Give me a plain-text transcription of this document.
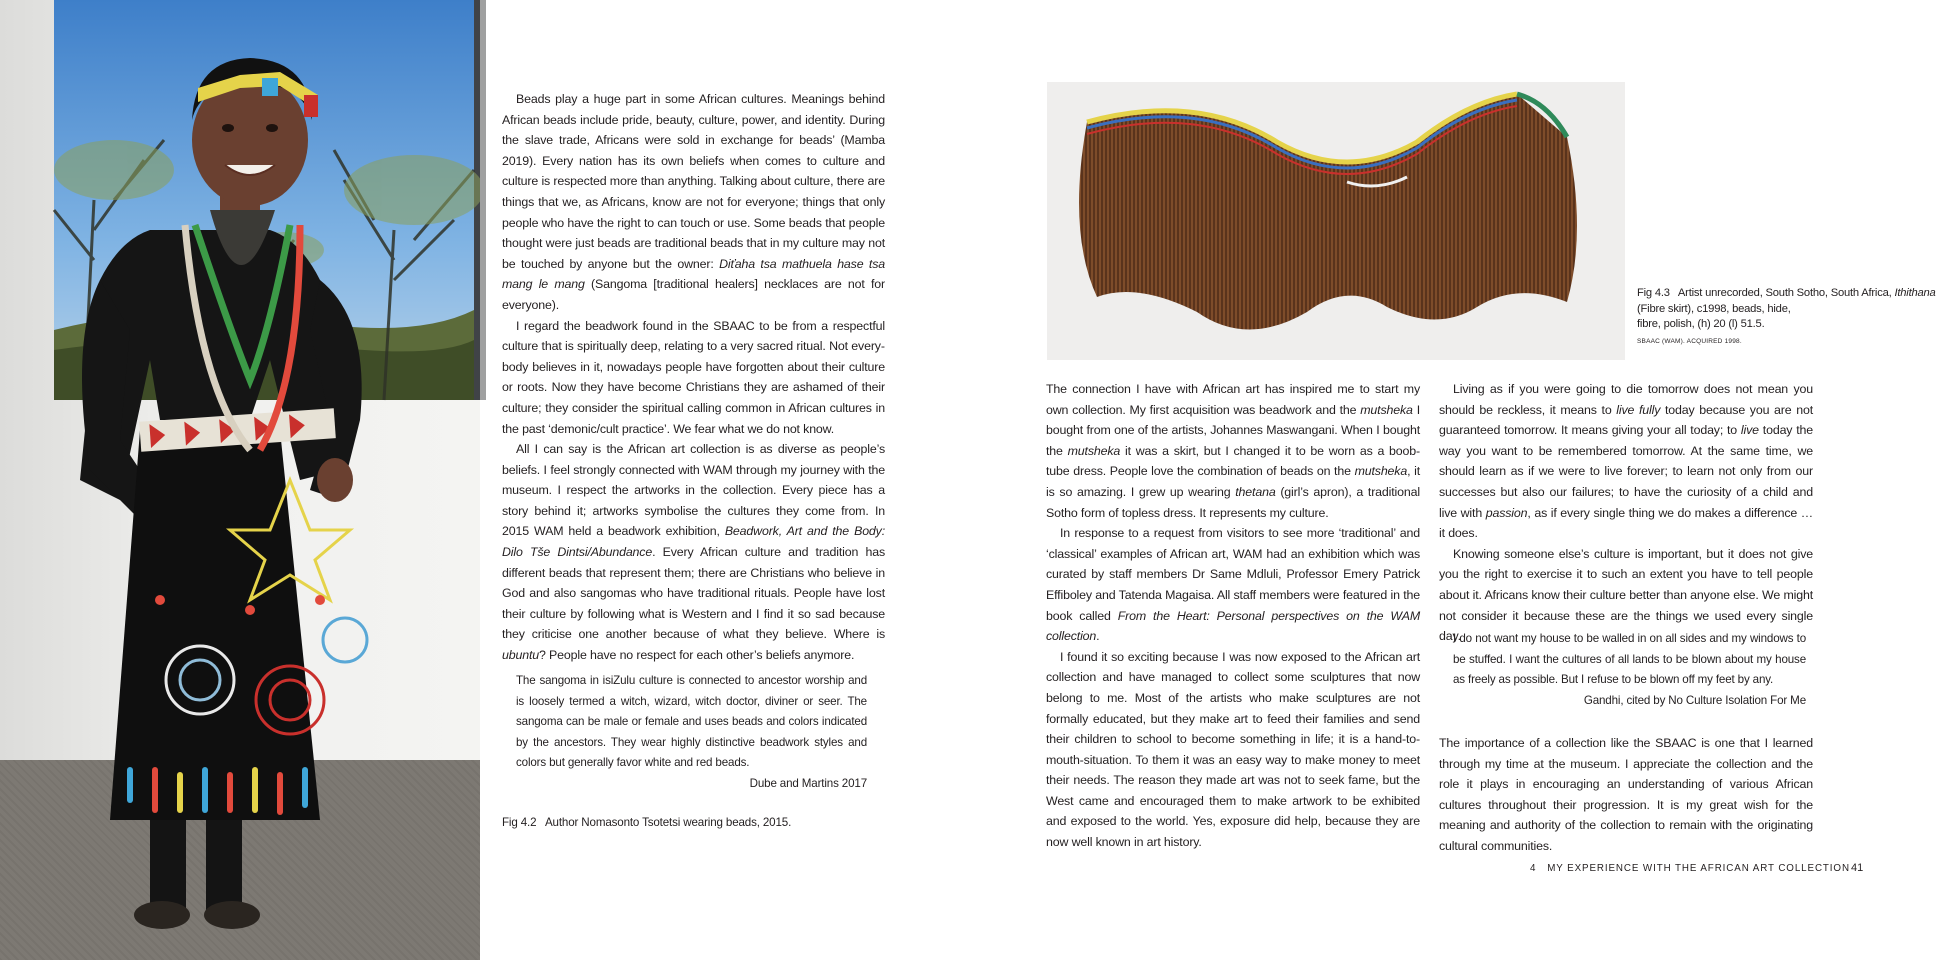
Beads play a huge part in some African cultures. Meanings behind African beads include pride, beauty, culture, power, and identity. During the slave trade, Africans were sold in exchange for beads’ (Mamba 2019). Every nation has its own beliefs when comes to culture and culture is respected more than anything. Talking about culture, there are things that we, as Africans, know are not for everyone; things that only people who have the right to can touch or use. Some beads that people thought were just beads are traditional beads that in my culture may not be touched by anyone but the owner: Diťaha tsa mathuela hase tsa mang le mang (Sangoma [traditional healers] necklaces are not for everyone).

I regard the beadwork found in the SBAAC to be from a respectful culture that is spiritually deep, relating to a very sacred ritual. Not everybody believes in it, nowadays people have forgotten about their culture or roots. Now they have become Christians they are ashamed of their culture; they consider the spiritual calling common in African cultures in the past ‘demonic/cult practice’. We fear what we do not know.

All I can say is the African art collection is as diverse as people’s beliefs. I feel strongly connected with WAM through my journey with the museum. I respect the artworks in the collection. Every piece has a story behind it; artworks symbolise the cultures they come from. In 2015 WAM held a beadwork exhibition, Beadwork, Art and the Body: Dilo Tše Dintsi/Abundance. Every African culture and tradition has different beads that represent them; there are Christians who believe in God and also sangomas who have traditional rituals. People have lost their culture by following what is Western and I find it so sad because they criticise one another because of what they believe. Where is ubuntu? People have no respect for each other’s beliefs anymore.

The sangoma in isiZulu culture is connected to ancestor worship and is loosely termed a witch, wizard, witch doctor, diviner or seer. The sangoma can be male or female and uses beads and colors indicated by the ancestors. They wear highly distinctive beadwork styles and colors but generally favor white and red beads.

Dube and Martins 2017

Fig 4.2   Author Nomasonto Tsotetsi wearing beads, 2015.
Fig 4.3   Artist unrecorded, South Sotho, South Africa, Ithithana (Fibre skirt), c1998, beads, hide, fibre, polish, (h) 20 (l) 51.5.
SBAAC (WAM). ACQUIRED 1998.

The connection I have with African art has inspired me to start my own collection. My first acquisition was beadwork and the mutsheka I bought from one of the artists, Johannes Maswangani. When I bought the mutsheka it was a skirt, but I changed it to be worn as a boob-tube dress. People love the combination of beads on the mutsheka, it is so amazing. I grew up wearing thetana (girl’s apron), a traditional Sotho form of topless dress. It represents my culture.

In response to a request from visitors to see more ‘traditional’ and ‘classical’ examples of African art, WAM had an exhibition which was curated by staff members Dr Same Mdluli, Professor Emery Patrick Effiboley and Tatenda Magaisa. All staff members were featured in the book called From the Heart: Personal perspectives on the WAM collection.

I found it so exciting because I was now exposed to the African art collection and have managed to collect some sculptures that now belong to me. Most of the artists who make sculptures are not formally educated, but they make art to feed their families and send their children to school to become something in life; it is a hand-to-mouth-situation. To them it was an easy way to make money to meet their needs. The reason they made art was not to seek fame, but the West came and encouraged them to make artwork to be exhibited and exposed to the world. Yes, exposure did help, because they are now well known in art history.

Living as if you were going to die tomorrow does not mean you should be reckless, it means to live fully today because you are not guaranteed tomorrow. It means giving your all today; to live today the way you want to be remembered tomorrow. At the same time, we should learn as if we were to live forever; to learn not only from our successes but also our failures; to have the curiosity of a child and live with passion, as if every single thing we do makes a difference … it does.

Knowing someone else’s culture is important, but it does not give you the right to exercise it to such an extent you have to tell people about it. Africans know their culture better than anyone else. We might not consider it because these are the things we used every single day.

I do not want my house to be walled in on all sides and my windows to be stuffed. I want the cultures of all lands to be blown about my house as freely as possible. But I refuse to be blown off my feet by any.

Gandhi, cited by No Culture Isolation For Me

The importance of a collection like the SBAAC is one that I learned through my time at the museum. I appreciate the collection and the role it plays in encouraging an understanding of various African cultures throughout their progression. It is my great wish for the meaning and authority of the collection to remain with the originating cultural communities.

4   MY EXPERIENCE WITH THE AFRICAN ART COLLECTION 41
